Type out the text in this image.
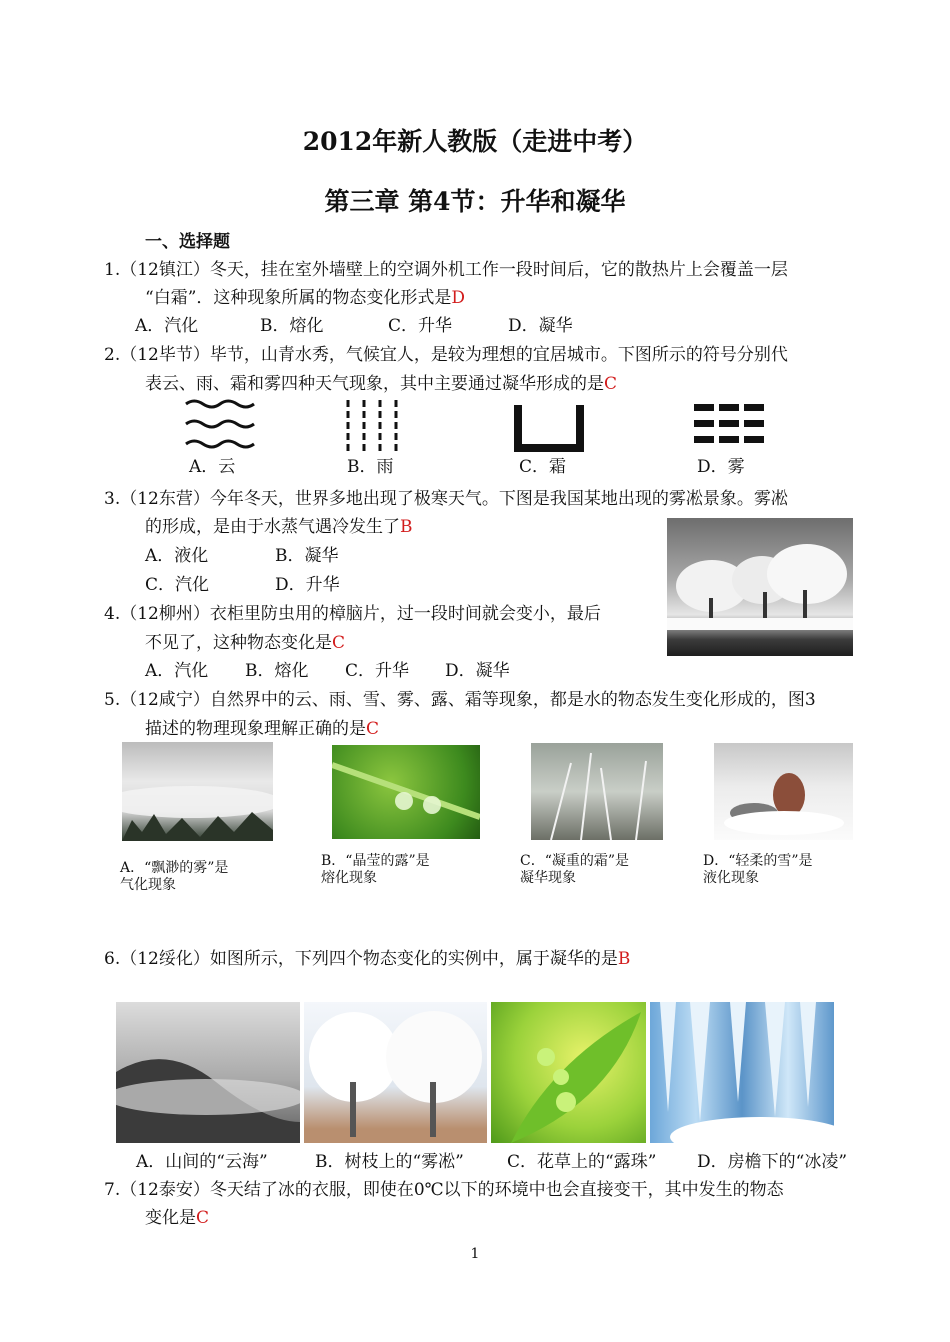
2012年新人教版（走进中考）
第三章 第4节：升华和凝华
一、选择题
1.（12镇江）冬天，挂在室外墙壁上的空调外机工作一段时间后，它的散热片上会覆盖一层
“白霜”．这种现象所属的物态变化形式是D
A．汽化	B．熔化	C．升华	D．凝华
2.（12毕节）毕节，山青水秀，气候宜人，是较为理想的宜居城市。下图所示的符号分别代
表云、雨、霜和雾四种天气现象，其中主要通过凝华形成的是C
A．云	B．雨	C．霜	D．雾
3.（12东营）今年冬天，世界多地出现了极寒天气。下图是我国某地出现的雾凇景象。雾凇
的形成，是由于水蒸气遇冷发生了B
A．液化	B．凝华
C．汽化	D．升华
4.（12柳州）衣柜里防虫用的樟脑片，过一段时间就会变小，最后
不见了，这种物态变化是C
A．汽化 B．熔化 C．升华 D．凝华
5.（12咸宁）自然界中的云、雨、雪、雾、露、霜等现象，都是水的物态发生变化形成的，图3
描述的物理现象理解正确的是C
A．“飘渺的雾”是
气化现象
B．“晶莹的露”是
熔化现象
C．“凝重的霜”是
凝华现象
D．“轻柔的雪”是
液化现象
6.（12绥化）如图所示，下列四个物态变化的实例中，属于凝华的是B
A．山间的“云海”	B．树枝上的“雾凇”	C．花草上的“露珠” D．房檐下的“冰凌”
7.（12泰安）冬天结了冰的衣服，即使在0℃以下的环境中也会直接变干，其中发生的物态
变化是C
1
